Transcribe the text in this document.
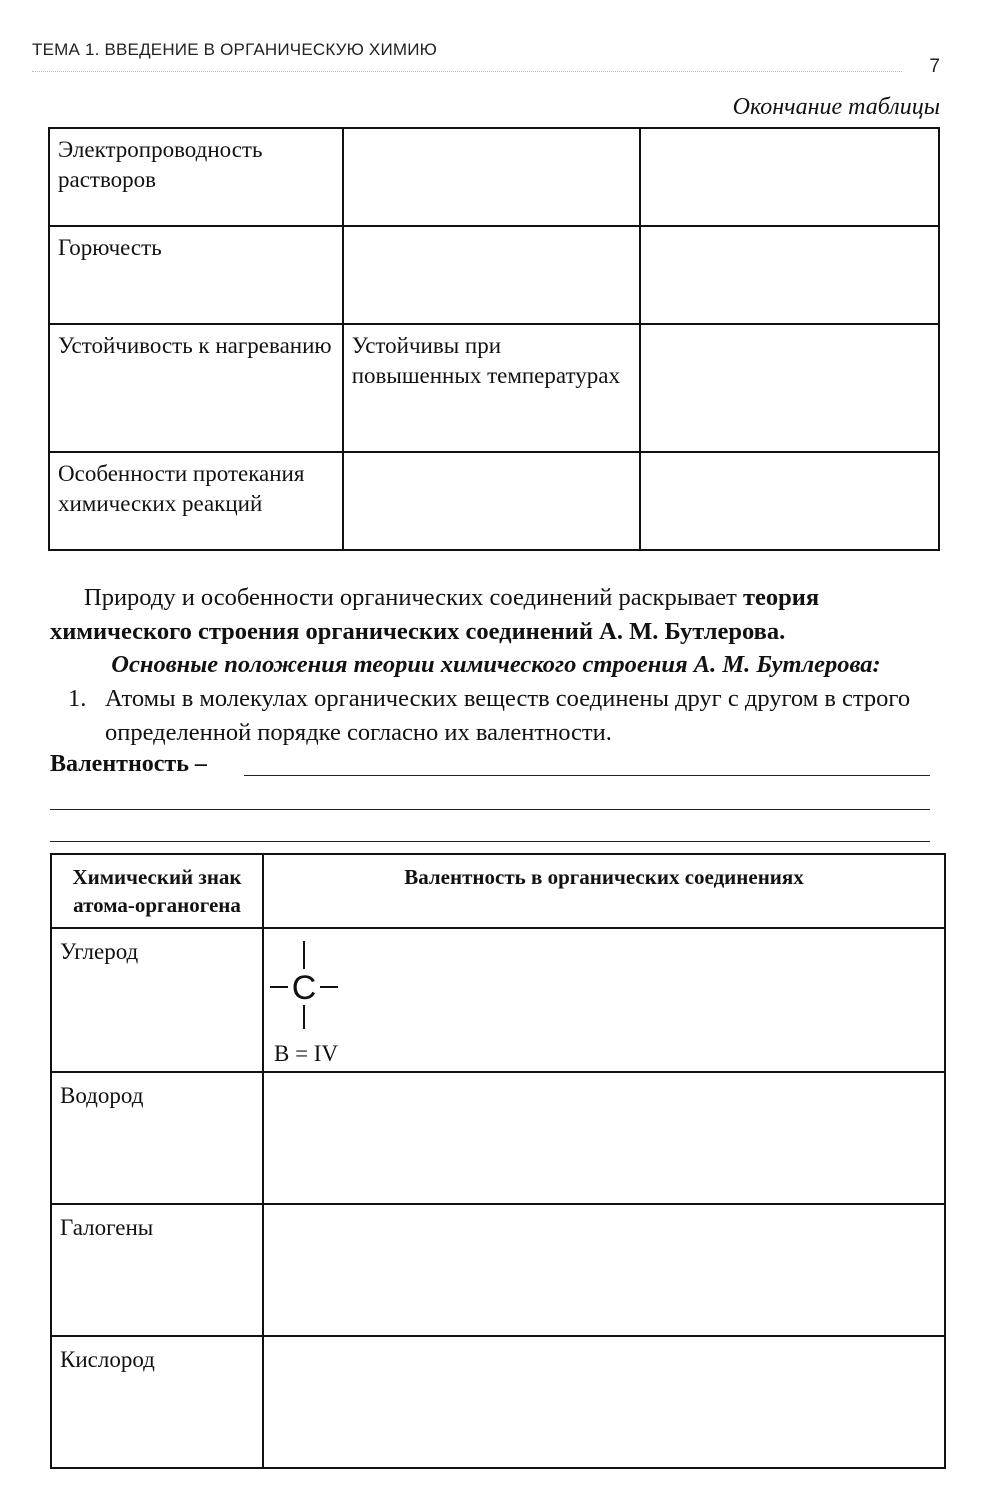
ТЕМА 1. ВВЕДЕНИЕ В ОРГАНИЧЕСКУЮ ХИМИЮ
7
Окончание таблицы
Электропроводность растворов		
Горючесть		
Устойчивость к нагреванию	Устойчивы при повышенных температурах	
Особенности протекания химических реакций		
Природу и особенности органических соединений раскрывает теория химического строения органических соединений А. М. Бутлерова.
Основные положения теории химического строения А. М. Бутлерова:
1. Атомы в молекулах органических веществ соединены друг с другом в строго определенной порядке согласно их валентности.
Валентность –
Химический знак атома-органогена	Валентность в органических соединениях
Углерод	C
B = IV

Водород	
Галогены	
Кислород	
